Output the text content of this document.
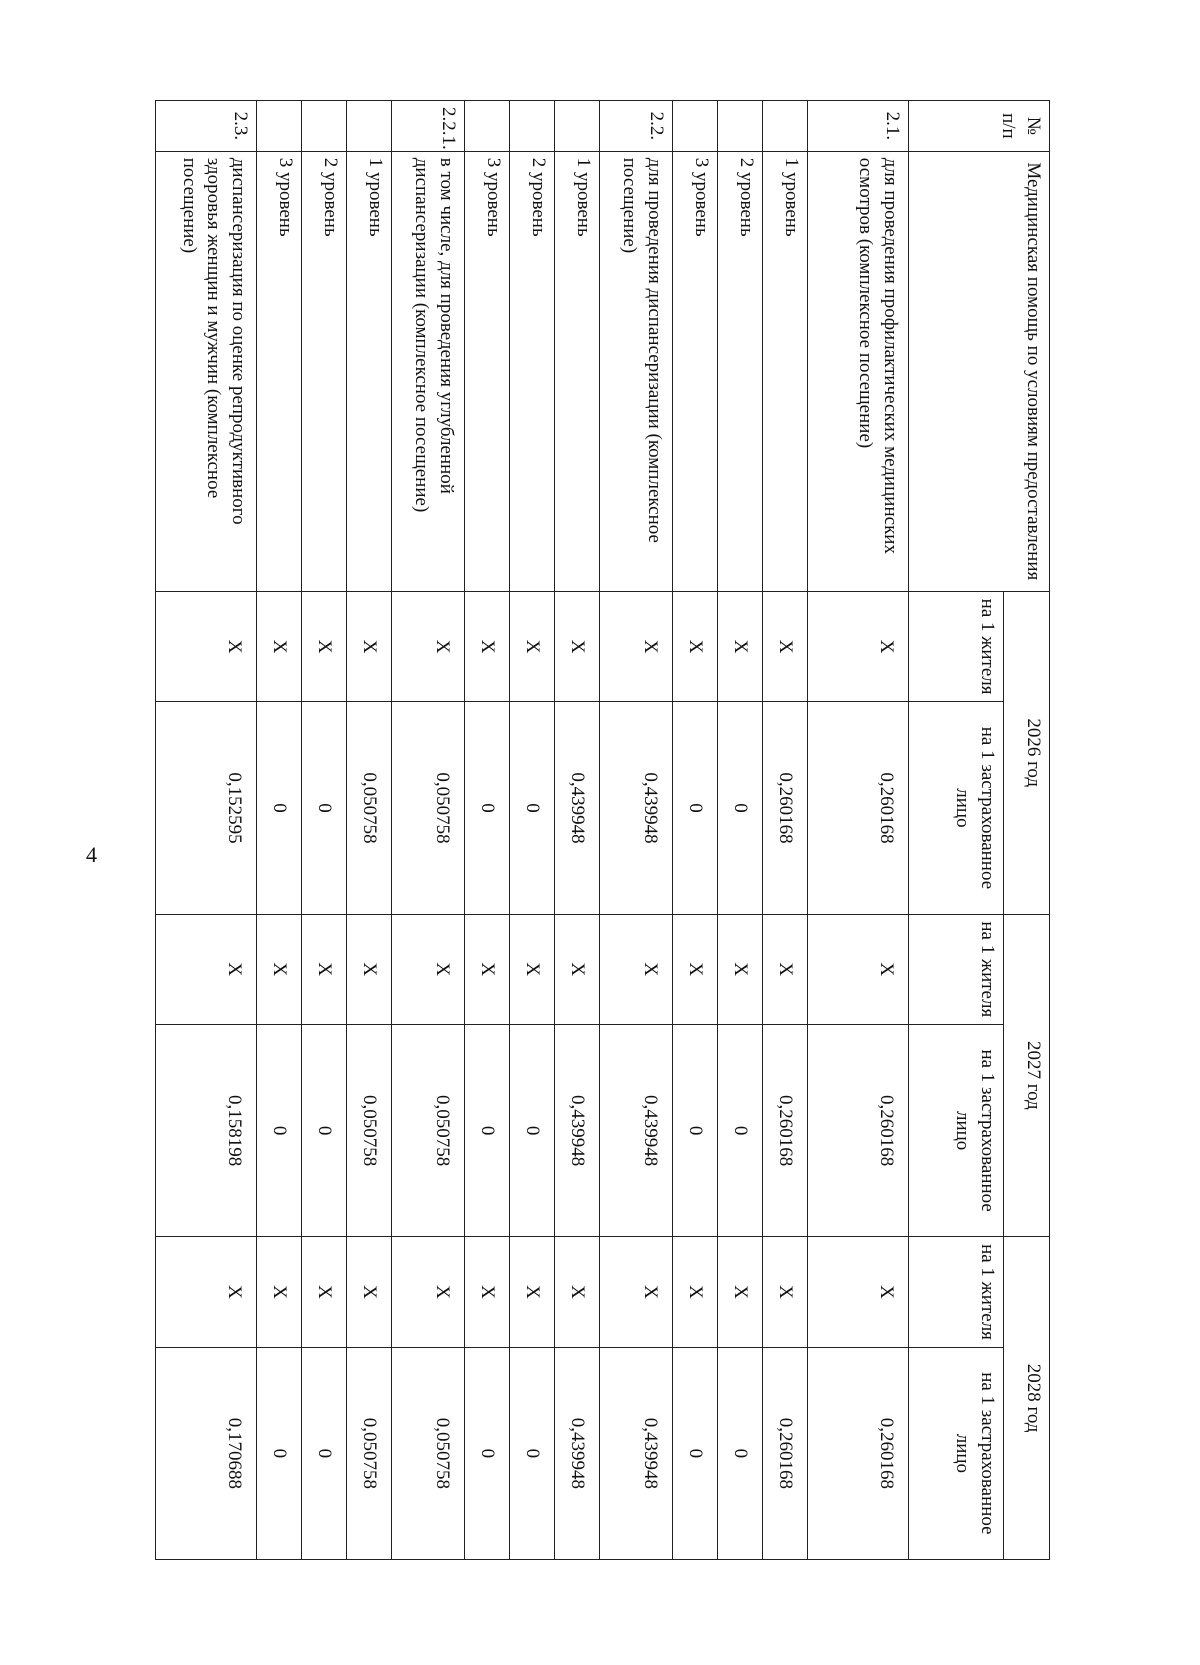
4
№ п/п	Медицинская помощь по условиям предоставления	2026 год		2027 год		2028 год	
		на 1 жителя	на 1 застрахованное лицо	на 1 жителя	на 1 застрахованное лицо	на 1 жителя	на 1 застрахованное лицо
2.1.	для проведения профилактических медицинских осмотров (комплексное посещение)	Х	0,260168	Х	0,260168	Х	0,260168
	1 уровень	Х	0,260168	Х	0,260168	Х	0,260168
	2 уровень	Х	0	Х	0	Х	0
	3 уровень	Х	0	Х	0	Х	0
2.2.	для проведения диспансеризации (комплексное посещение)	Х	0,439948	Х	0,439948	Х	0,439948
	1 уровень	Х	0,439948	Х	0,439948	Х	0,439948
	2 уровень	Х	0	Х	0	Х	0
	3 уровень	Х	0	Х	0	Х	0
2.2.1.	в том числе, для проведения углубленной диспансеризации (комплексное посещение)	Х	0,050758	Х	0,050758	Х	0,050758
	1 уровень	Х	0,050758	Х	0,050758	Х	0,050758
	2 уровень	Х	0	Х	0	Х	0
	3 уровень	Х	0	Х	0	Х	0
2.3.	диспансеризация по оценке репродуктивного здоровья женщин и мужчин (комплексное посещение)	Х	0,152595	Х	0,158198	Х	0,170688
